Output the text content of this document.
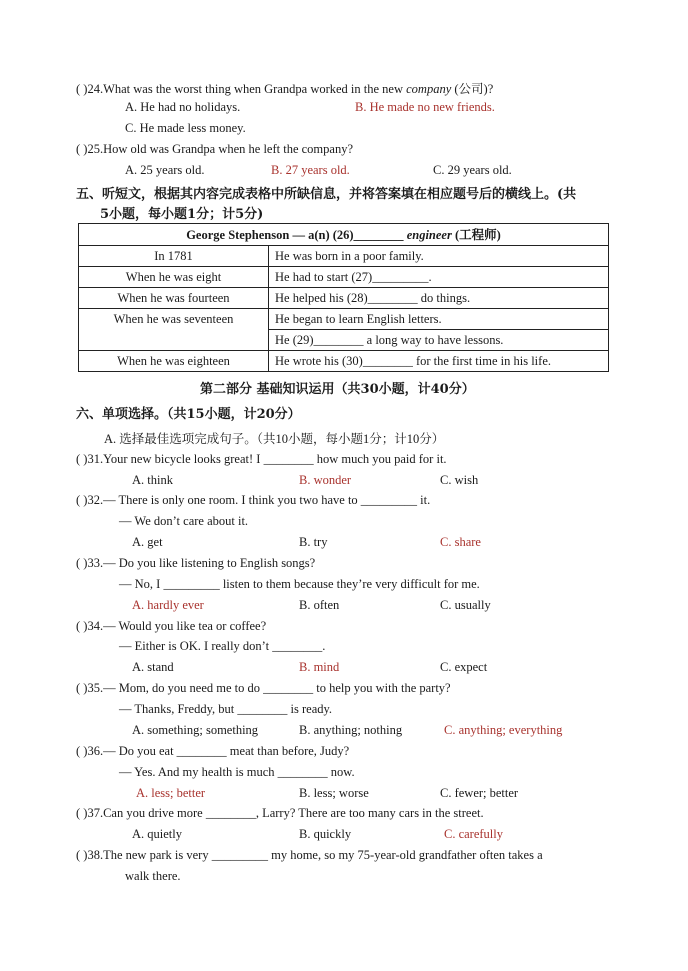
( )24.What was the worst thing when Grandpa worked in the new company (公司)?
A. He had no holidays.	B. He made no new friends.
C. He made less money.
( )25.How old was Grandpa when he left the company?
A. 25 years old.	B. 27 years old.	C. 29 years old.
五、听短文，根据其内容完成表格中所缺信息，并将答案填在相应题号后的横线上。(共
5小题，每小题1分；计5分)
George Stephenson — a(n) (26)________ engineer (工程师)	
In 1781	He was born in a poor family.
When he was eight	He had to start (27)_________.
When he was fourteen	He helped his (28)________ do things.
When he was seventeen	He began to learn English letters.
	He (29)________ a long way to have lessons.
When he was eighteen	He wrote his (30)________ for the first time in his life.
第二部分 基础知识运用（共30小题，计40分）
六、单项选择。（共15小题，计20分）
A. 选择最佳选项完成句子。（共10小题，每小题1分；计10分）
( )31.Your new bicycle looks great! I ________ how much you paid for it.
A. think	B. wonder	C. wish
( )32.— There is only one room. I think you two have to _________ it.
— We don’t care about it.
A. get	B. try	C. share
( )33.— Do you like listening to English songs?
— No, I _________ listen to them because they’re very difficult for me.
A. hardly ever	B. often	C. usually
( )34.— Would you like tea or coffee?
— Either is OK. I really don’t ________.
A. stand	B. mind	C. expect
( )35.— Mom, do you need me to do ________ to help you with the party?
— Thanks, Freddy, but ________ is ready.
A. something; something	B. anything; nothing	C. anything; everything
( )36.— Do you eat ________ meat than before, Judy?
— Yes. And my health is much ________ now.
A. less; better	B. less; worse	C. fewer; better
( )37.Can you drive more ________, Larry? There are too many cars in the street.
A. quietly	B. quickly	C. carefully
( )38.The new park is very _________ my home, so my 75-year-old grandfather often takes a
walk there.
